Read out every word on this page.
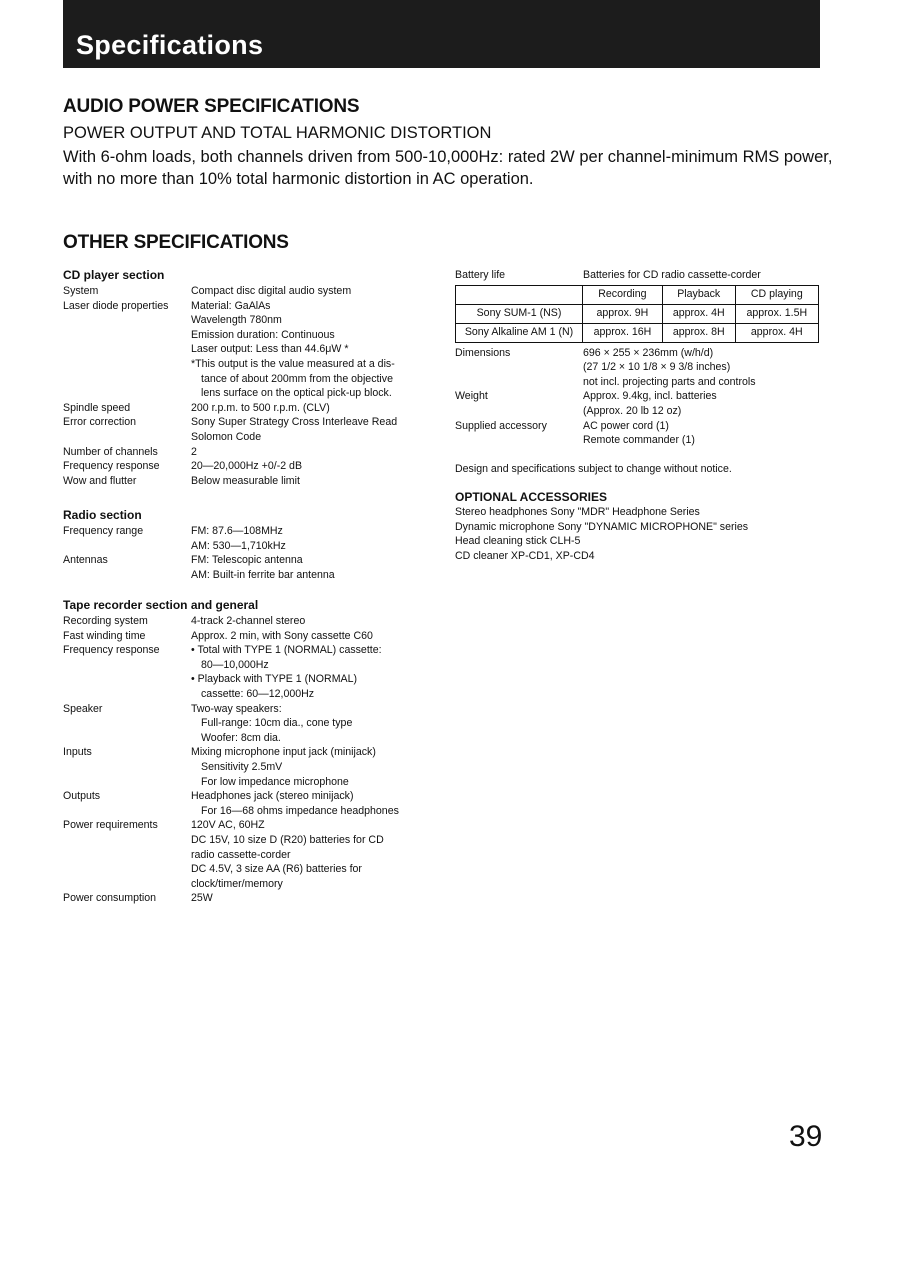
Specifications
AUDIO POWER SPECIFICATIONS
POWER OUTPUT AND TOTAL HARMONIC DISTORTION
With 6-ohm loads, both channels driven from 500-10,000Hz: rated 2W per channel-minimum RMS power, with no more than 10% total harmonic distortion in AC operation.
OTHER SPECIFICATIONS
CD player section
System	Compact disc digital audio system
Laser diode properties	Material: GaAlAs
Wavelength 780nm
Emission duration: Continuous
Laser output: Less than 44.6μW *
*This output is the value measured at a dis-
tance of about 200mm from the objective
lens surface on the optical pick-up block.
Spindle speed	200 r.p.m. to 500 r.p.m. (CLV)
Error correction	Sony Super Strategy Cross Interleave Read
Solomon Code
Number of channels	2
Frequency response	20—20,000Hz +0/-2 dB
Wow and flutter	Below measurable limit
Radio section
Frequency range	FM: 87.6—108MHz
AM: 530—1,710kHz
Antennas	FM: Telescopic antenna
AM: Built-in ferrite bar antenna
Tape recorder section and general
Recording system	4-track 2-channel stereo
Fast winding time	Approx. 2 min, with Sony cassette C60
Frequency response	• Total with TYPE 1 (NORMAL) cassette:
80—10,000Hz
• Playback with TYPE 1 (NORMAL)
cassette: 60—12,000Hz
Speaker	Two-way speakers:
Full-range: 10cm dia., cone type
Woofer: 8cm dia.
Inputs	Mixing microphone input jack (minijack)
Sensitivity 2.5mV
For low impedance microphone
Outputs	Headphones jack (stereo minijack)
For 16—68 ohms impedance headphones
Power requirements	120V AC, 60HZ
DC 15V, 10 size D (R20) batteries for CD
radio cassette-corder
DC 4.5V, 3 size AA (R6) batteries for
clock/timer/memory
Power consumption	25W
Battery life	Batteries for CD radio cassette-corder
	Recording	Playback	CD playing
Sony SUM-1 (NS)	approx. 9H	approx. 4H	approx. 1.5H
Sony Alkaline AM 1 (N)	approx. 16H	approx. 8H	approx. 4H
Dimensions	696 × 255 × 236mm (w/h/d)
(27 1/2 × 10 1/8 × 9 3/8 inches)
not incl. projecting parts and controls
Weight	Approx. 9.4kg, incl. batteries
(Approx. 20 lb 12 oz)
Supplied accessory	AC power cord (1)
Remote commander (1)
Design and specifications subject to change without notice.
OPTIONAL ACCESSORIES
Stereo headphones Sony "MDR" Headphone Series
Dynamic microphone Sony "DYNAMIC MICROPHONE" series
Head cleaning stick CLH-5
CD cleaner XP-CD1, XP-CD4
39
